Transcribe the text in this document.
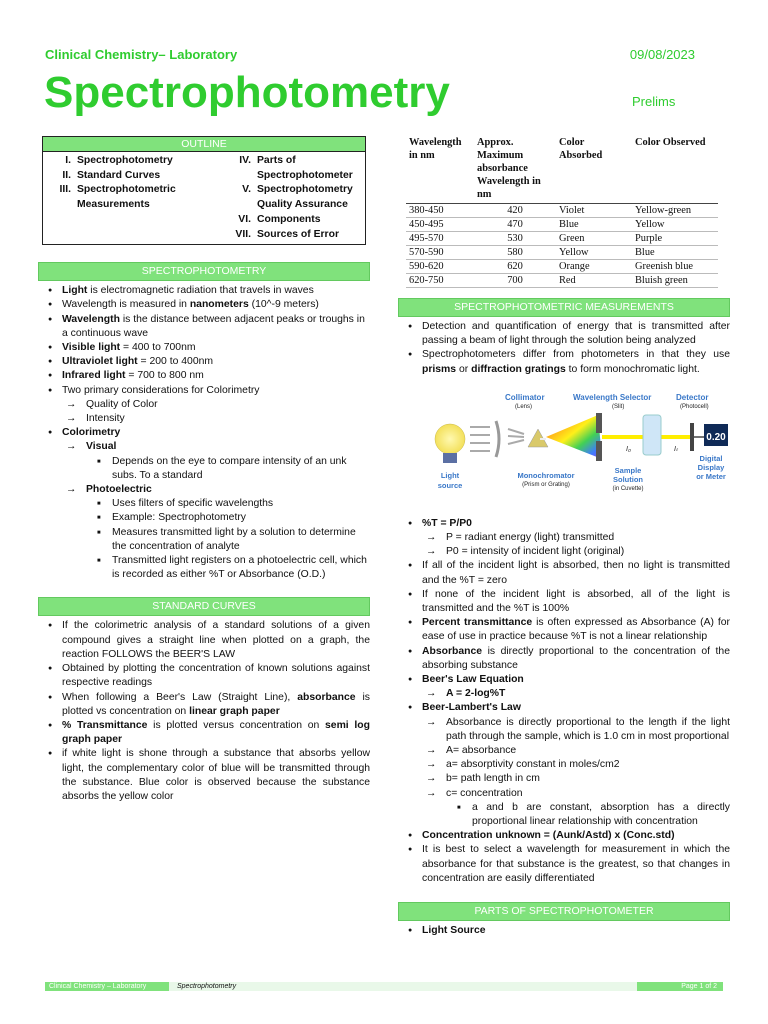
Clinical Chemistry– Laboratory	09/08/2023
Spectrophotometry	Prelims
OUTLINE
I. Spectrophotometry
II. Standard Curves
III. Spectrophotometric
Measurements
IV. Parts of
Spectrophotometer
V. Spectrophotometry
Quality Assurance
VI. Components
VII. Sources of Error
SPECTROPHOTOMETRY
● Light is electromagnetic radiation that travels in waves
● Wavelength is measured in nanometers (10^-9 meters)
● Wavelength is the distance between adjacent peaks or troughs in a continuous wave
● Visible light = 400 to 700nm
● Ultraviolet light = 200 to 400nm
● Infrared light = 700 to 800 nm
● Two primary considerations for Colorimetry
→ Quality of Color
→ Intensity
● Colorimetry
→ Visual
■ Depends on the eye to compare intensity of an unk subs. To a standard
→ Photoelectric
■ Uses filters of specific wavelengths
■ Example: Spectrophotometry
■ Measures transmitted light by a solution to determine the concentration of analyte
■ Transmitted light registers on a photoelectric cell, which is recorded as either %T or Absorbance (O.D.)
STANDARD CURVES
● If the colorimetric analysis of a standard solutions of a given compound gives a straight line when plotted on a graph, the reaction FOLLOWS the BEER'S LAW
● Obtained by plotting the concentration of known solutions against respective readings
● When following a Beer's Law (Straight Line), absorbance is plotted vs concentration on linear graph paper
● % Transmittance is plotted versus concentration on semi log graph paper
● if white light is shone through a substance that absorbs yellow light, the complementary color of blue will be transmitted through the substance. Blue color is observed because the substance absorbs the yellow color
Wavelength in nm	Approx. Maximum absorbance Wavelength in nm	Color Absorbed	Color Observed
380-450	420	Violet	Yellow-green
450-495	470	Blue	Yellow
495-570	530	Green	Purple
570-590	580	Yellow	Blue
590-620	620	Orange	Greenish blue
620-750	700	Red	Bluish green
SPECTROPHOTOMETRIC MEASUREMENTS
● Detection and quantification of energy that is transmitted after passing a beam of light through the solution being analyzed
● Spectrophotometers differ from photometers in that they use prisms or diffraction gratings to form monochromatic light.
Collimator
(Lens)
Wavelength Selector
(Slit)
Detector
(Photocell)
0.20
I₀	Iₜ
Light
source
Monochromator
(Prism or Grating)
Sample
Solution
(in Cuvette)
Digital
Display
or Meter
● %T = P/P0
→ P = radiant energy (light) transmitted
→ P0 = intensity of incident light (original)
● If all of the incident light is absorbed, then no light is transmitted and the %T = zero
● If none of the incident light is absorbed, all of the light is transmitted and the %T is 100%
● Percent transmittance is often expressed as Absorbance (A) for ease of use in practice because %T is not a linear relationship
● Absorbance is directly proportional to the concentration of the absorbing substance
● Beer's Law Equation
→ A = 2-log%T
● Beer-Lambert's Law
→ Absorbance is directly proportional to the length if the light path through the sample, which is 1.0 cm in most proportional
→ A= absorbance
→ a= absorptivity constant in moles/cm2
→ b= path length in cm
→ c= concentration
■ a and b are constant, absorption has a directly proportional linear relationship with concentration
● Concentration unknown = (Aunk/Astd) x (Conc.std)
● It is best to select a wavelength for measurement in which the absorbance for that substance is the greatest, so that changes in concentration are easily differentiated
PARTS OF SPECTROPHOTOMETER
● Light Source
Clinical Chemistry – Laboratory	Spectrophotometry	Page 1 of 2
